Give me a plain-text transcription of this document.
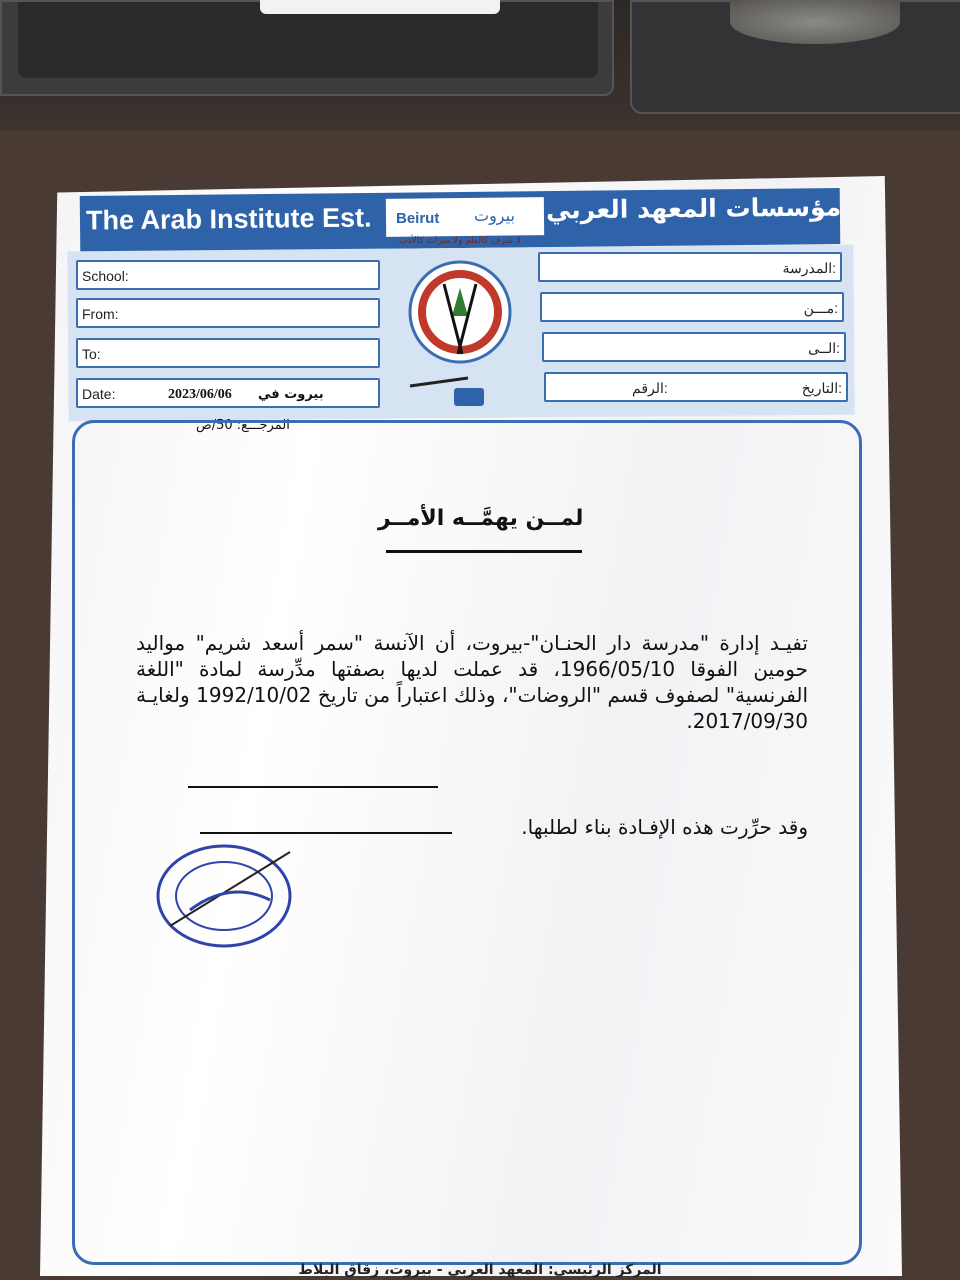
The Arab Institute Est. Beirut بيروت مؤسسات المعهد العربي
School:
From:
To:
Date:
المدرسة:
مـــن:
الــى:
التاريخ:
الرقم:
لا شرف كالعلم ولا ميراث كالأدب
2023/06/06 بيروت في
المرجـــع: 50/ص
لمــن يهمَّــه الأمــر
تفيـد إدارة "مدرسة دار الحنـان"-بيروت، أن الآنسة "سمر أسعد شريم" مواليد حومين الفوقا 1966/05/10، قد عملت لديها بصفتها مدِّرسة لمادة "اللغة الفرنسية" لصفوف قسم "الروضات"، وذلك اعتباراً من تاريخ 1992/10/02 ولغايـة 2017/09/30.
وقد حرِّرت هذه الإفـادة بناء لطلبها.
المركز الرئيسي: المعهد العربي - بيروت، زقاق البلاط
